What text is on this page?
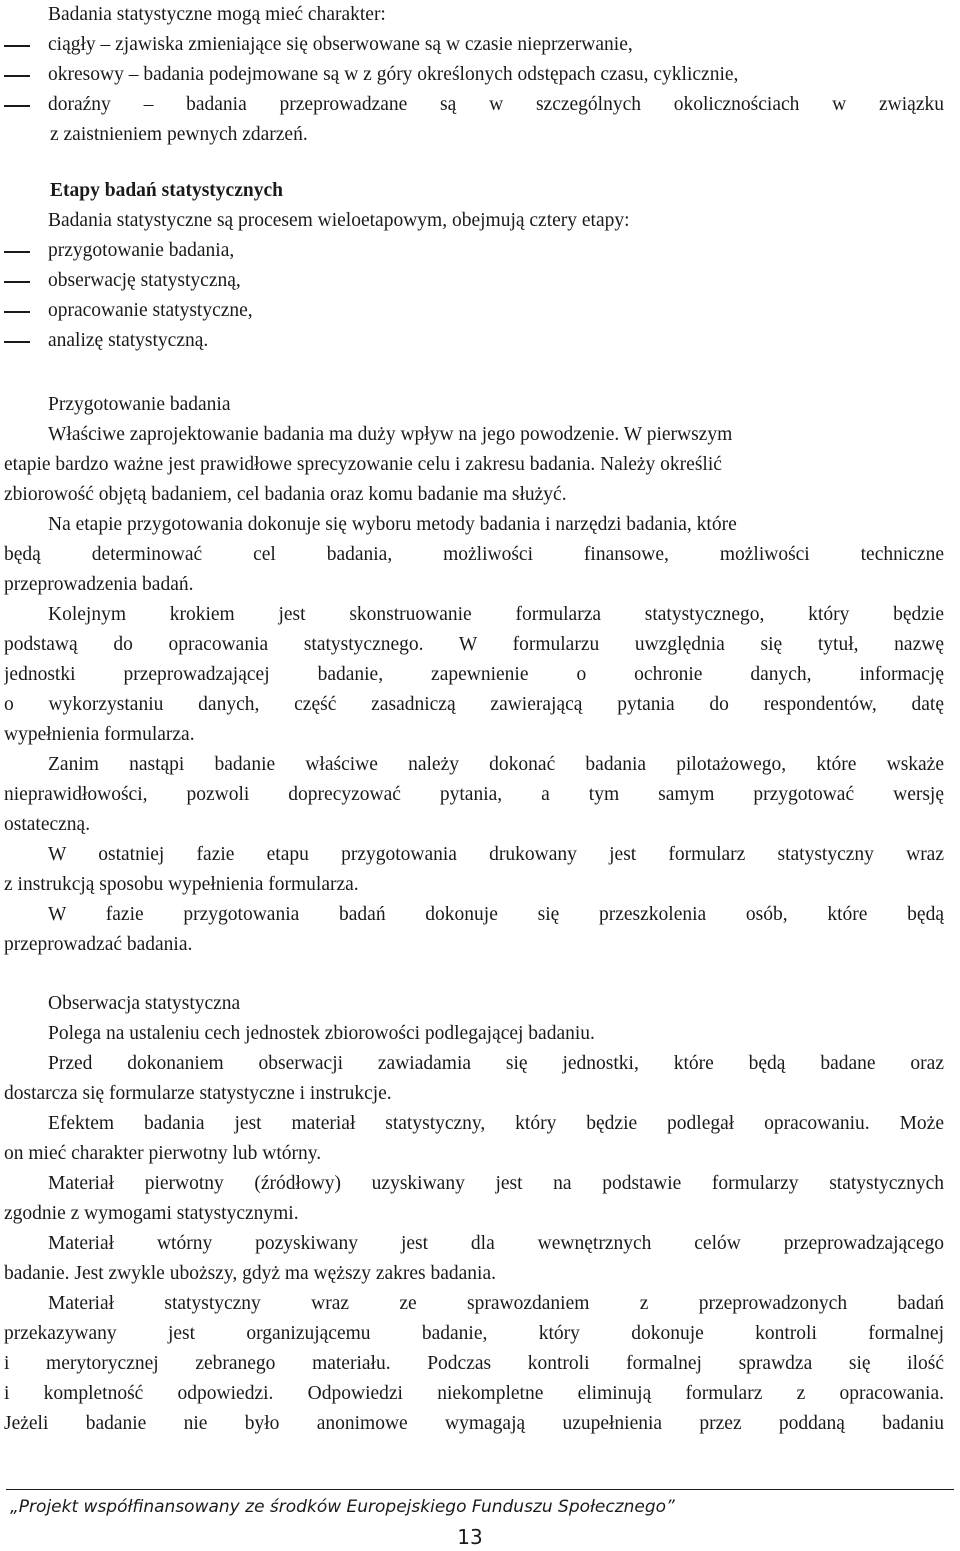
Badania statystyczne mogą mieć charakter:
ciągły – zjawiska zmieniające się obserwowane są w czasie nieprzerwanie,
okresowy – badania podejmowane są w z góry określonych odstępach czasu, cyklicznie,
doraźny – badania przeprowadzane są w szczególnych okolicznościach w związku
z zaistnieniem pewnych zdarzeń.
Etapy badań statystycznych
Badania statystyczne są procesem wieloetapowym, obejmują cztery etapy:
przygotowanie badania,
obserwację statystyczną,
opracowanie statystyczne,
analizę statystyczną.
Przygotowanie badania
Właściwe zaprojektowanie badania ma duży wpływ na jego powodzenie. W pierwszym
etapie bardzo ważne jest prawidłowe sprecyzowanie celu i zakresu badania. Należy określić
zbiorowość objętą badaniem, cel badania oraz komu badanie ma służyć.
Na etapie przygotowania dokonuje się wyboru metody badania i narzędzi badania, które
będą determinować cel badania, możliwości finansowe, możliwości techniczne
przeprowadzenia badań.
Kolejnym krokiem jest skonstruowanie formularza statystycznego, który będzie
podstawą do opracowania statystycznego. W formularzu uwzględnia się tytuł, nazwę
jednostki przeprowadzającej badanie, zapewnienie o ochronie danych, informację
o wykorzystaniu danych, część zasadniczą zawierającą pytania do respondentów, datę
wypełnienia formularza.
Zanim nastąpi badanie właściwe należy dokonać badania pilotażowego, które wskaże
nieprawidłowości, pozwoli doprecyzować pytania, a tym samym przygotować wersję
ostateczną.
W ostatniej fazie etapu przygotowania drukowany jest formularz statystyczny wraz
z instrukcją sposobu wypełnienia formularza.
W fazie przygotowania badań dokonuje się przeszkolenia osób, które będą
przeprowadzać badania.
Obserwacja statystyczna
Polega na ustaleniu cech jednostek zbiorowości podlegającej badaniu.
Przed dokonaniem obserwacji zawiadamia się jednostki, które będą badane oraz
dostarcza się formularze statystyczne i instrukcje.
Efektem badania jest materiał statystyczny, który będzie podlegał opracowaniu. Może
on mieć charakter pierwotny lub wtórny.
Materiał pierwotny (źródłowy) uzyskiwany jest na podstawie formularzy statystycznych
zgodnie z wymogami statystycznymi.
Materiał wtórny pozyskiwany jest dla wewnętrznych celów przeprowadzającego
badanie. Jest zwykle uboższy, gdyż ma węższy zakres badania.
Materiał statystyczny wraz ze sprawozdaniem z przeprowadzonych badań
przekazywany jest organizującemu badanie, który dokonuje kontroli formalnej
i merytorycznej zebranego materiału. Podczas kontroli formalnej sprawdza się ilość
i kompletność odpowiedzi. Odpowiedzi niekompletne eliminują formularz z opracowania.
Jeżeli badanie nie było anonimowe wymagają uzupełnienia przez poddaną badaniu
„Projekt współfinansowany ze środków Europejskiego Funduszu Społecznego”
13
